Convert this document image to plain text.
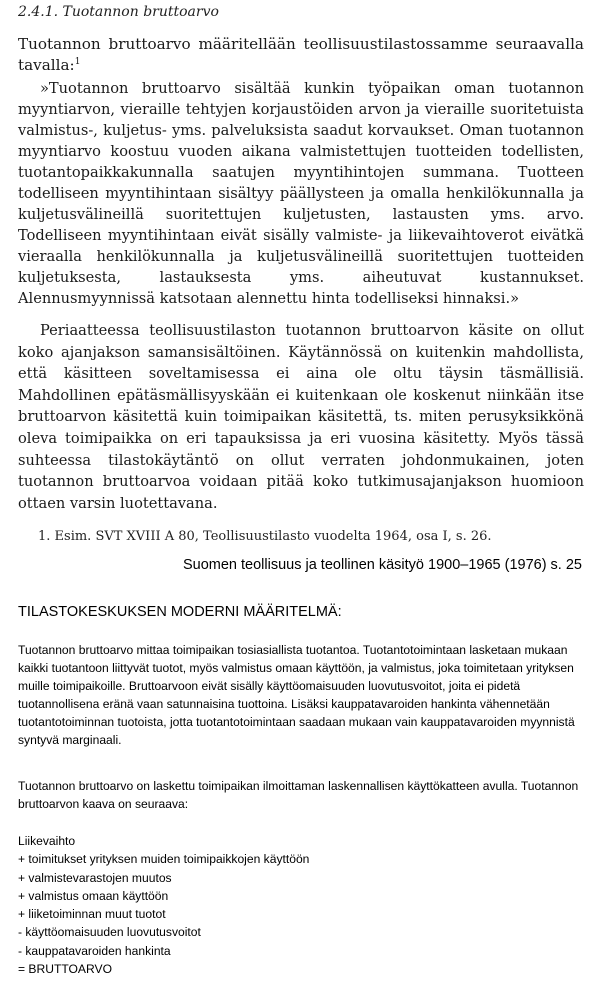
2.4.1. Tuotannon bruttoarvo
Tuotannon bruttoarvo määritellään teollisuustilastossamme seuraavalla tavalla:$^1$
»Tuotannon bruttoarvo sisältää kunkin työpaikan oman tuotannon myyntiarvon, vieraille tehtyjen korjaustöiden arvon ja vieraille suoritetuista valmistus-, kuljetus- yms. palveluksista saadut korvaukset. Oman tuotannon myyntiarvo koostuu vuoden aikana valmistettujen tuotteiden todellisten, tuotantopaikkakunnalla saatujen myyntihintojen summana. Tuotteen todelliseen myyntihintaan sisältyy päällysteen ja omalla henkilökunnalla ja kuljetusvälineillä suoritettujen kuljetusten, lastausten yms. arvo. Todelliseen myyntihintaan eivät sisälly valmiste- ja liikevaihtoverot eivätkä vieraalla henkilökunnalla ja kuljetusvälineillä suoritettujen tuotteiden kuljetuksesta, lastauksesta yms. aiheutuvat kustannukset. Alennusmyynnissä katsotaan alennettu hinta todelliseksi hinnaksi.»
Periaatteessa teollisuustilaston tuotannon bruttoarvon käsite on ollut koko ajanjakson samansisältöinen. Käytännössä on kuitenkin mahdollista, että käsitteen soveltamisessa ei aina ole oltu täysin täsmällisiä. Mahdollinen epätäsmällisyyskään ei kuitenkaan ole koskenut niinkään itse bruttoarvon käsitettä kuin toimipaikan käsitettä, ts. miten perusyksikkönä oleva toimipaikka on eri tapauksissa ja eri vuosina käsitetty. Myös tässä suhteessa tilastokäytäntö on ollut verraten johdonmukainen, joten tuotannon bruttoarvoa voidaan pitää koko tutkimusajanjakson huomioon ottaen varsin luotettavana.
1. Esim. SVT XVIII A 80, Teollisuustilasto vuodelta 1964, osa I, s. 26.
Suomen teollisuus ja teollinen käsityö 1900–1965 (1976) s. 25
TILASTOKESKUKSEN MODERNI MÄÄRITELMÄ:
Tuotannon bruttoarvo mittaa toimipaikan tosiasiallista tuotantoa. Tuotantotoimintaan lasketaan mukaan kaikki tuotantoon liittyvät tuotot, myös valmistus omaan käyttöön, ja valmistus, joka toimitetaan yrityksen muille toimipaikoille. Bruttoarvoon eivät sisälly käyttöomaisuuden luovutusvoitot, joita ei pidetä tuotannollisena eränä vaan satunnaisina tuottoina. Lisäksi kauppatavaroiden hankinta vähennetään tuotantotoiminnan tuotoista, jotta tuotantotoimintaan saadaan mukaan vain kauppatavaroiden myynnistä syntyvä marginaali.
Tuotannon bruttoarvo on laskettu toimipaikan ilmoittaman laskennallisen käyttökatteen avulla. Tuotannon bruttoarvon kaava on seuraava:
Liikevaihto
+ toimitukset yrityksen muiden toimipaikkojen käyttöön
+ valmistevarastojen muutos
+ valmistus omaan käyttöön
+ liiketoiminnan muut tuotot
- käyttöomaisuuden luovutusvoitot
- kauppatavaroiden hankinta
= BRUTTOARVO
